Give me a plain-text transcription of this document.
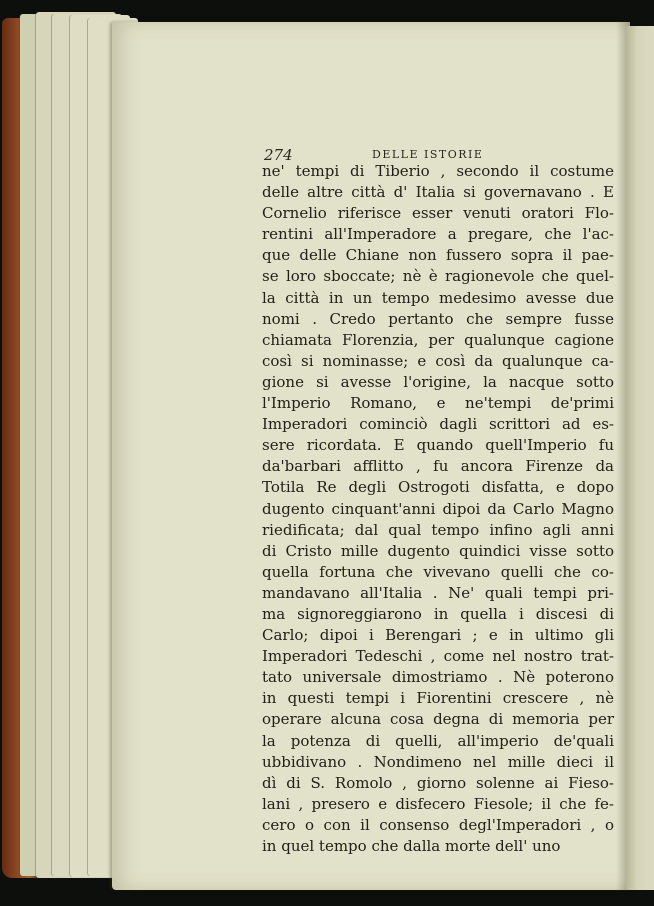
274	DELLE ISTORIE
ne' tempi di Tiberio , secondo il costume
delle altre città d' Italia si governavano . E
Cornelio riferisce esser venuti oratori Flo-
rentini all'Imperadore a pregare, che l'ac-
que delle Chiane non fussero sopra il pae-
se loro sboccate; nè è ragionevole che quel-
la città in un tempo medesimo avesse due
nomi . Credo pertanto che sempre fusse
chiamata Florenzia, per qualunque cagione
così si nominasse; e così da qualunque ca-
gione si avesse l'origine, la nacque sotto
l'Imperio Romano, e ne'tempi de'primi
Imperadori cominciò dagli scrittori ad es-
sere ricordata. E quando quell'Imperio fu
da'barbari afflitto , fu ancora Firenze da
Totila Re degli Ostrogoti disfatta, e dopo
dugento cinquant'anni dipoi da Carlo Magno
riedificata; dal qual tempo infino agli anni
di Cristo mille dugento quindici visse sotto
quella fortuna che vivevano quelli che co-
mandavano all'Italia . Ne' quali tempi pri-
ma signoreggiarono in quella i discesi di
Carlo; dipoi i Berengari ; e in ultimo gli
Imperadori Tedeschi , come nel nostro trat-
tato universale dimostriamo . Nè poterono
in questi tempi i Fiorentini crescere , nè
operare alcuna cosa degna di memoria per
la potenza di quelli, all'imperio de'quali
ubbidivano . Nondimeno nel mille dieci il
dì di S. Romolo , giorno solenne ai Fieso-
lani , presero e disfecero Fiesole; il che fe-
cero o con il consenso degl'Imperadori , o
in quel tempo che dalla morte dell' uno
